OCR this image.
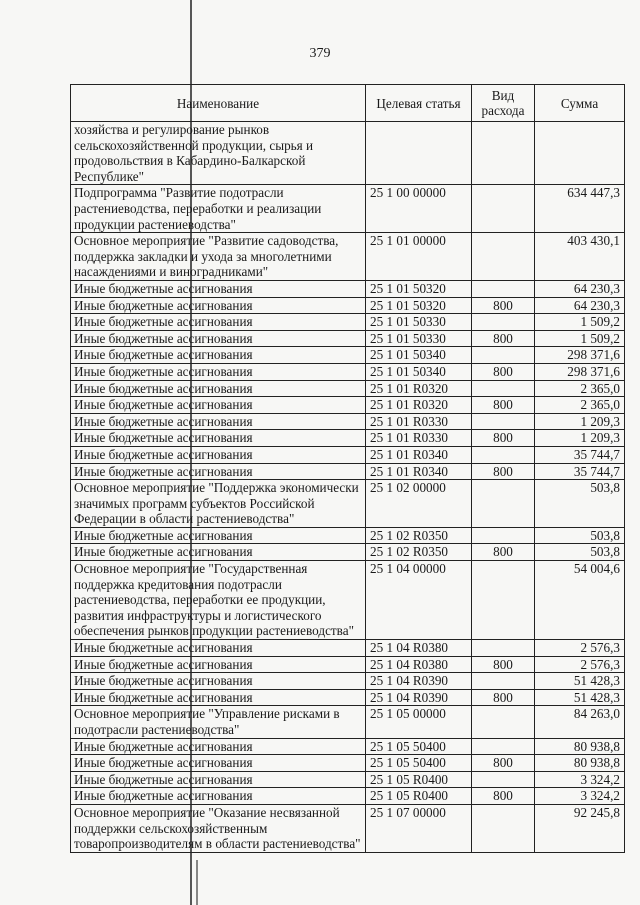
379
Наименование	Целевая статья	Вид расхода	Сумма
хозяйства и регулирование рынков сельскохозяйственной продукции, сырья и продовольствия в Кабардино-Балкарской Республике"			
Подпрограмма "Развитие подотрасли растениеводства, переработки и реализации продукции растениеводства"	25 1 00 00000		634 447,3
Основное мероприятие "Развитие садоводства, поддержка закладки и ухода за многолетними насаждениями и виноградниками"	25 1 01 00000		403 430,1
Иные бюджетные ассигнования	25 1 01 50320		64 230,3
Иные бюджетные ассигнования	25 1 01 50320	800	64 230,3
Иные бюджетные ассигнования	25 1 01 50330		1 509,2
Иные бюджетные ассигнования	25 1 01 50330	800	1 509,2
Иные бюджетные ассигнования	25 1 01 50340		298 371,6
Иные бюджетные ассигнования	25 1 01 50340	800	298 371,6
Иные бюджетные ассигнования	25 1 01 R0320		2 365,0
Иные бюджетные ассигнования	25 1 01 R0320	800	2 365,0
Иные бюджетные ассигнования	25 1 01 R0330		1 209,3
Иные бюджетные ассигнования	25 1 01 R0330	800	1 209,3
Иные бюджетные ассигнования	25 1 01 R0340		35 744,7
Иные бюджетные ассигнования	25 1 01 R0340	800	35 744,7
Основное мероприятие "Поддержка экономически значимых программ субъектов Российской Федерации в области растениеводства"	25 1 02 00000		503,8
Иные бюджетные ассигнования	25 1 02 R0350		503,8
Иные бюджетные ассигнования	25 1 02 R0350	800	503,8
Основное мероприятие "Государственная поддержка кредитования подотрасли растениеводства, переработки ее продукции, развития инфраструктуры и логистического обеспечения рынков продукции растениеводства"	25 1 04 00000		54 004,6
Иные бюджетные ассигнования	25 1 04 R0380		2 576,3
Иные бюджетные ассигнования	25 1 04 R0380	800	2 576,3
Иные бюджетные ассигнования	25 1 04 R0390		51 428,3
Иные бюджетные ассигнования	25 1 04 R0390	800	51 428,3
Основное мероприятие "Управление рисками в подотрасли растениеводства"	25 1 05 00000		84 263,0
Иные бюджетные ассигнования	25 1 05 50400		80 938,8
Иные бюджетные ассигнования	25 1 05 50400	800	80 938,8
Иные бюджетные ассигнования	25 1 05 R0400		3 324,2
Иные бюджетные ассигнования	25 1 05 R0400	800	3 324,2
Основное мероприятие "Оказание несвязанной поддержки сельскохозяйственным товаропроизводителям в области растениеводства"	25 1 07 00000		92 245,8
